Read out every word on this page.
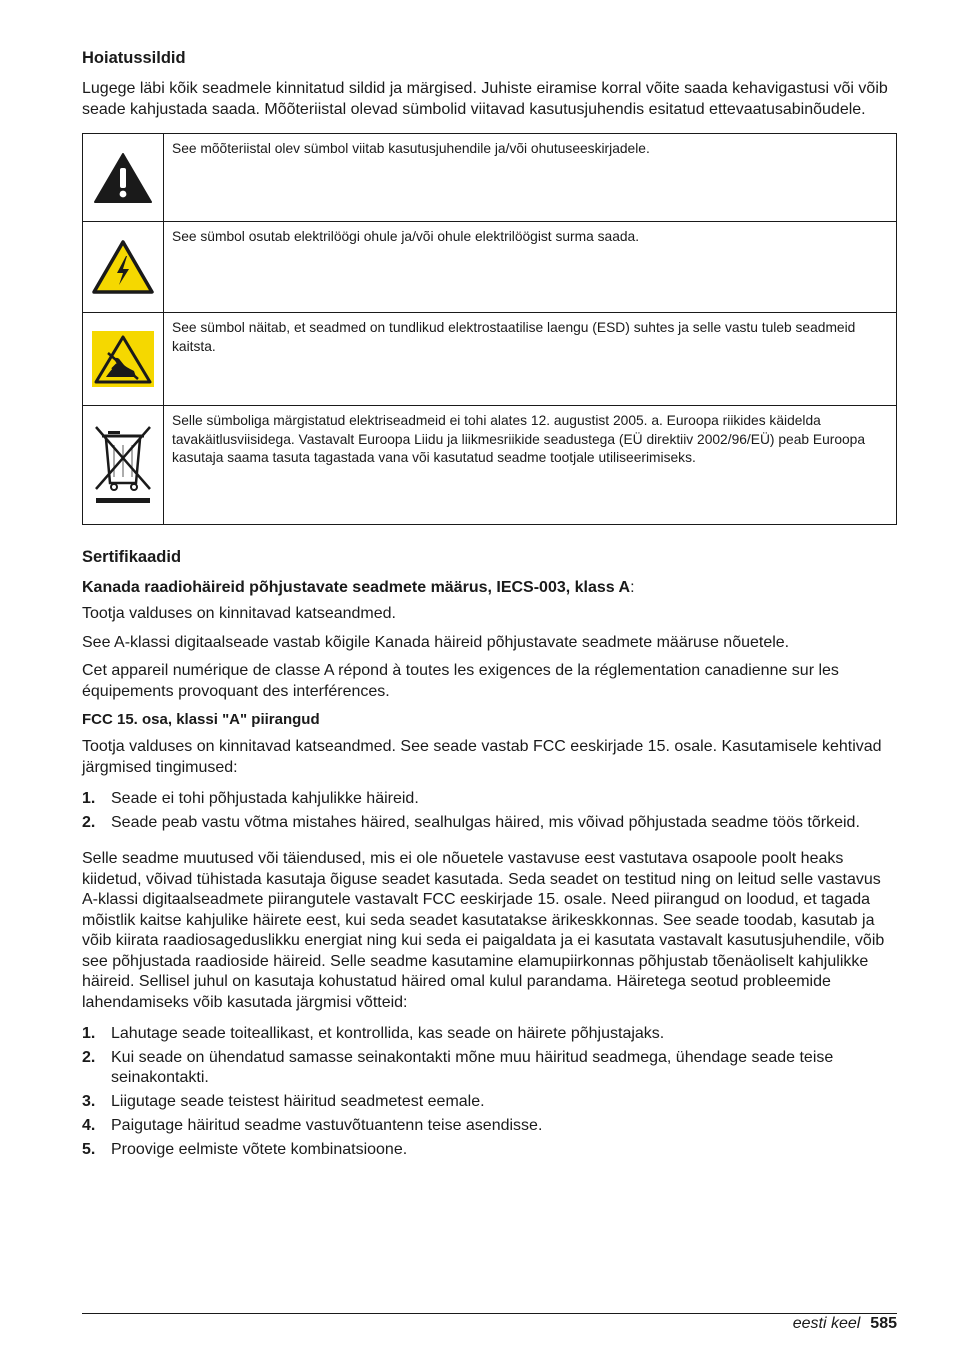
Hoiatussildid

Lugege läbi kõik seadmele kinnitatud sildid ja märgised. Juhiste eiramise korral võite saada kehavigastusi või võib seade kahjustada saada. Mõõteriistal olevad sümbolid viitavad kasutusjuhendis esitatud ettevaatusabinõudele.

	See mõõteriistal olev sümbol viitab kasutusjuhendile ja/või ohutuseeskirjadele.

	See sümbol osutab elektrilöögi ohule ja/või ohule elektrilöögist surma saada.

	See sümbol näitab, et seadmed on tundlikud elektrostaatilise laengu (ESD) suhtes ja selle vastu tuleb seadmeid kaitsta.

	Selle sümboliga märgistatud elektriseadmeid ei tohi alates 12. augustist 2005. a. Euroopa riikides käidelda tavakäitlusviisidega. Vastavalt Euroopa Liidu ja liikmesriikide seadustega (EÜ direktiiv 2002/96/EÜ) peab Euroopa kasutaja saama tasuta tagastada vana või kasutatud seadme tootjale utiliseerimiseks.
Sertifikaadid
Kanada raadiohäireid põhjustavate seadmete määrus, IECS-003, klass A:

Tootja valduses on kinnitavad katseandmed.

See A-klassi digitaalseade vastab kõigile Kanada häireid põhjustavate seadmete määruse nõuetele.

Cet appareil numérique de classe A répond à toutes les exigences de la réglementation canadienne sur les équipements provoquant des interférences.

FCC 15. osa, klassi "A" piirangud

Tootja valduses on kinnitavad katseandmed. See seade vastab FCC eeskirjade 15. osale. Kasutamisele kehtivad järgmised tingimused:

1. Seade ei tohi põhjustada kahjulikke häireid.
2. Seade peab vastu võtma mistahes häired, sealhulgas häired, mis võivad põhjustada seadme töös tõrkeid.

Selle seadme muutused või täiendused, mis ei ole nõuetele vastavuse eest vastutava osapoole poolt heaks kiidetud, võivad tühistada kasutaja õiguse seadet kasutada. Seda seadet on testitud ning on leitud selle vastavus A-klassi digitaalseadmete piirangutele vastavalt FCC eeskirjade 15. osale. Need piirangud on loodud, et tagada mõistlik kaitse kahjulike häirete eest, kui seda seadet kasutatakse ärikeskkonnas. See seade toodab, kasutab ja võib kiirata raadiosageduslikku energiat ning kui seda ei paigaldata ja ei kasutata vastavalt kasutusjuhendile, võib see põhjustada raadioside häireid. Selle seadme kasutamine elamupiirkonnas põhjustab tõenäoliselt kahjulikke häireid. Sellisel juhul on kasutaja kohustatud häired omal kulul parandama. Häiretega seotud probleemide lahendamiseks võib kasutada järgmisi võtteid:

1. Lahutage seade toiteallikast, et kontrollida, kas seade on häirete põhjustajaks.
2. Kui seade on ühendatud samasse seinakontakti mõne muu häiritud seadmega, ühendage seade teise seinakontakti.
3. Liigutage seade teistest häiritud seadmetest eemale.
4. Paigutage häiritud seadme vastuvõtuantenn teise asendisse.
5. Proovige eelmiste võtete kombinatsioone.
eesti keel 585
